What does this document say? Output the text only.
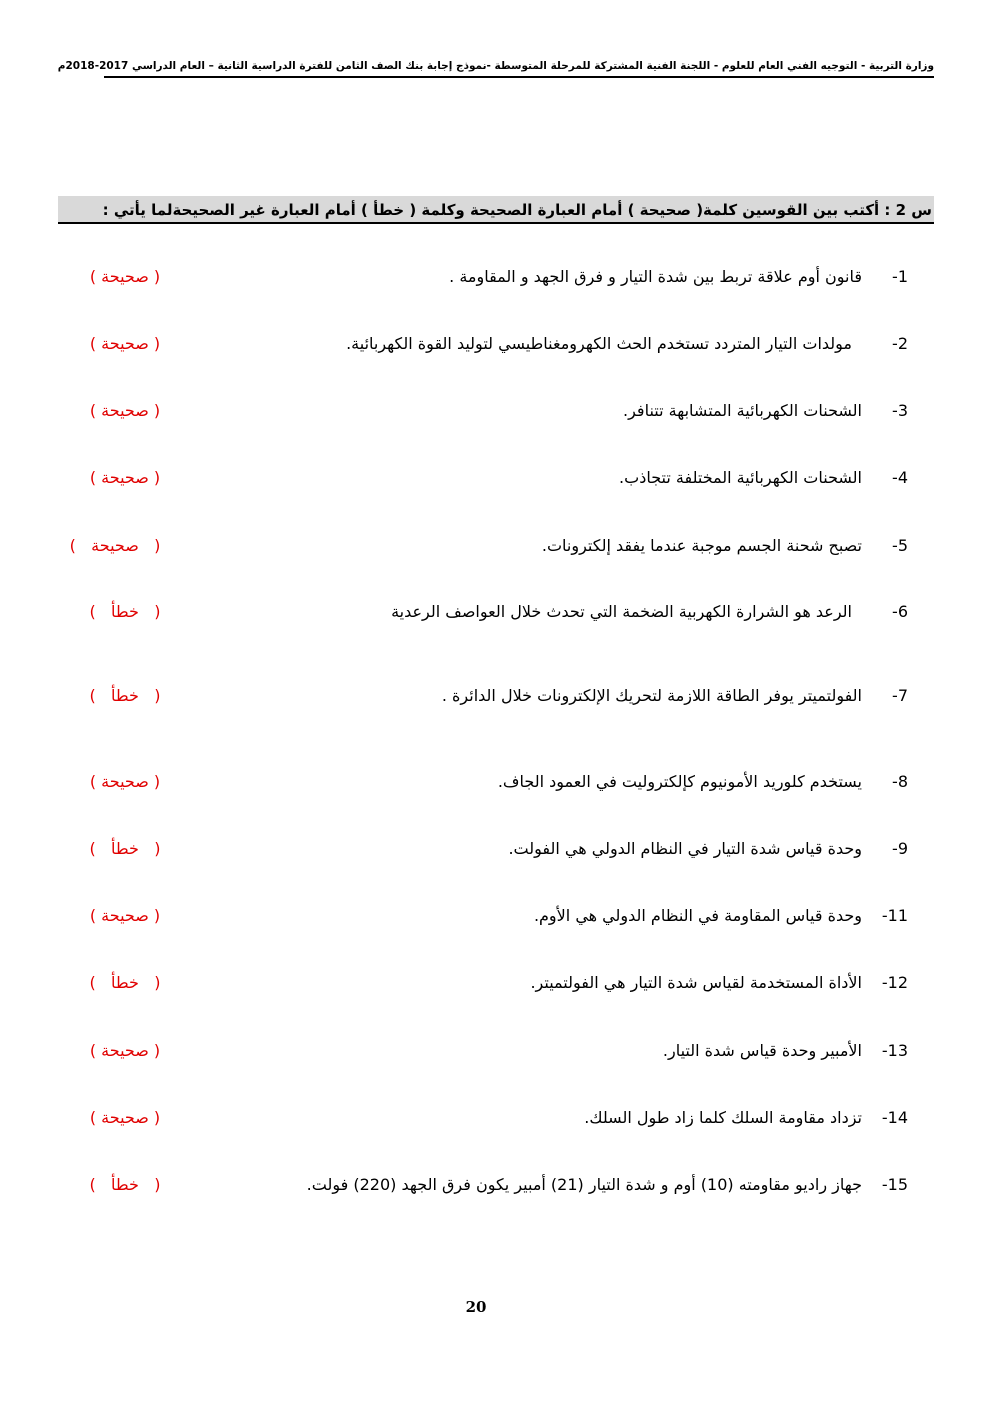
وزارة التربية - التوجيه الفني العام للعلوم - اللجنة الفنية المشتركة للمرحلة المتوسطة -نموذج إجابة بنك الصف الثامن للفترة الدراسية الثانية – العام الدراسي 2017-2018م
س 2 : أكتب بين القوسين كلمة( صحيحة ) أمام العبارة الصحيحة وكلمة ( خطأ ) أمام العبارة غير الصحيحةلما يأتي :
-1
قانون أوم علاقة تربط بين شدة التيار و فرق الجهد و المقاومة .
( صحيحة )
-2
مولدات التيار المتردد تستخدم الحث الكهرومغناطيسي لتوليد القوة الكهربائية.
( صحيحة )
-3
الشحنات الكهربائية المتشابهة تتنافر.
( صحيحة )
-4
الشحنات الكهربائية المختلفة تتجاذب.
( صحيحة )
-5
تصبح شحنة الجسم موجبة عندما يفقد إلكترونات.
(   صحيحة   )
-6
الرعد هو الشرارة الكهربية الضخمة التي تحدث خلال العواصف الرعدية
(   خطأ   )
-7
الفولتميتر يوفر الطاقة اللازمة لتحريك الإلكترونات خلال الدائرة .
(   خطأ   )
-8
يستخدم كلوريد الأمونيوم كإلكتروليت في العمود الجاف.
( صحيحة )
-9
وحدة قياس شدة التيار في النظام الدولي هي الفولت.
(   خطأ   )
-11
وحدة قياس المقاومة في النظام الدولي هي الأوم.
( صحيحة )
-12
الأداة المستخدمة لقياس شدة التيار هي الفولتميتر.
(   خطأ   )
-13
الأمبير وحدة قياس شدة التيار.
( صحيحة )
-14
تزداد مقاومة السلك كلما زاد طول السلك.
( صحيحة )
-15
جهاز راديو مقاومته (10) أوم و شدة التيار (21) أمبير يكون فرق الجهد (220) فولت.
(   خطأ   )
20
